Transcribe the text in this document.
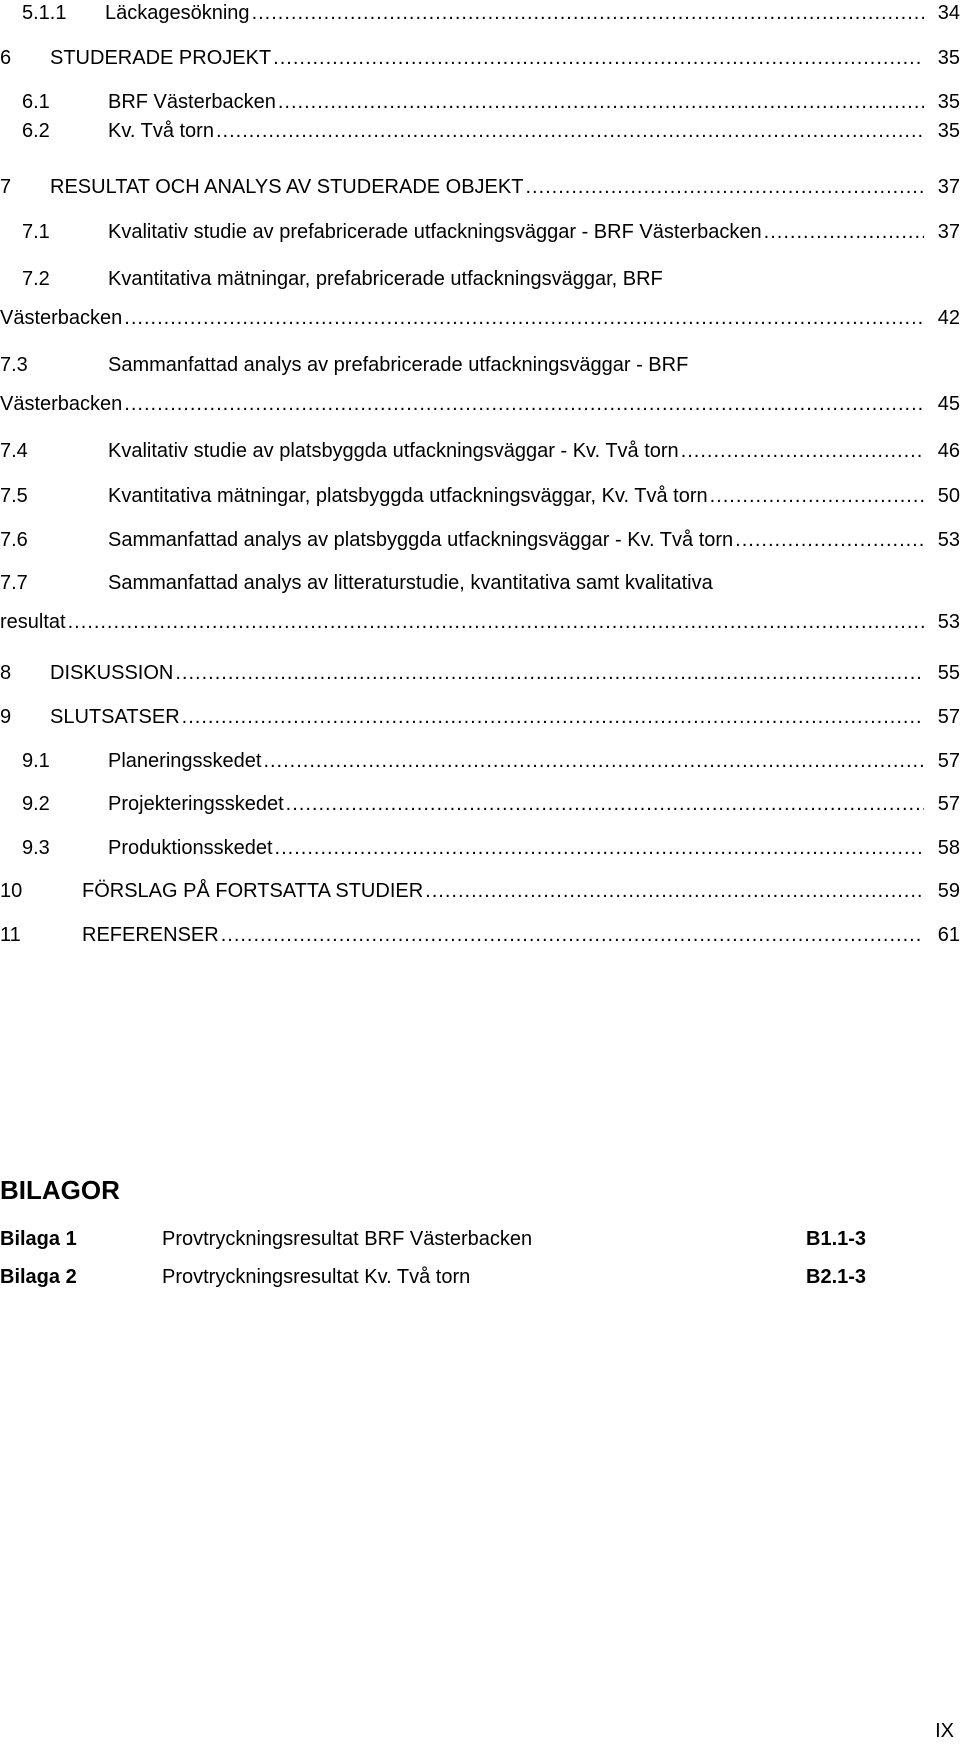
5.1.1 Läckagesökning .....	34
6 STUDERADE PROJEKT .....	35
6.1	BRF Västerbacken .....	35
6.2	Kv. Två torn .....	35
7 RESULTAT OCH ANALYS AV STUDERADE OBJEKT .....	37
7.1	Kvalitativ studie av prefabricerade utfackningsväggar - BRF Västerbacken .....	37
7.2	Kvantitativa mätningar, prefabricerade utfackningsväggar, BRF
Västerbacken .....	42
7.3	Sammanfattad analys av prefabricerade utfackningsväggar - BRF
Västerbacken .....	45
7.4	Kvalitativ studie av platsbyggda utfackningsväggar - Kv. Två torn .....	46
7.5	Kvantitativa mätningar, platsbyggda utfackningsväggar, Kv. Två torn .....	50
7.6	Sammanfattad analys av platsbyggda utfackningsväggar - Kv. Två torn .....	53
7.7	Sammanfattad analys av litteraturstudie, kvantitativa samt kvalitativa
resultat .....	53
8 DISKUSSION .....	55
9 SLUTSATSER .....	57
9.1	Planeringsskedet .....	57
9.2	Projekteringsskedet .....	57
9.3	Produktionsskedet .....	58
10	FÖRSLAG PÅ FORTSATTA STUDIER .....	59
11	REFERENSER .....	61
BILAGOR
Bilaga 1	Provtryckningsresultat BRF Västerbacken	B1.1-3
Bilaga 2	Provtryckningsresultat Kv. Två torn	B2.1-3
IX
